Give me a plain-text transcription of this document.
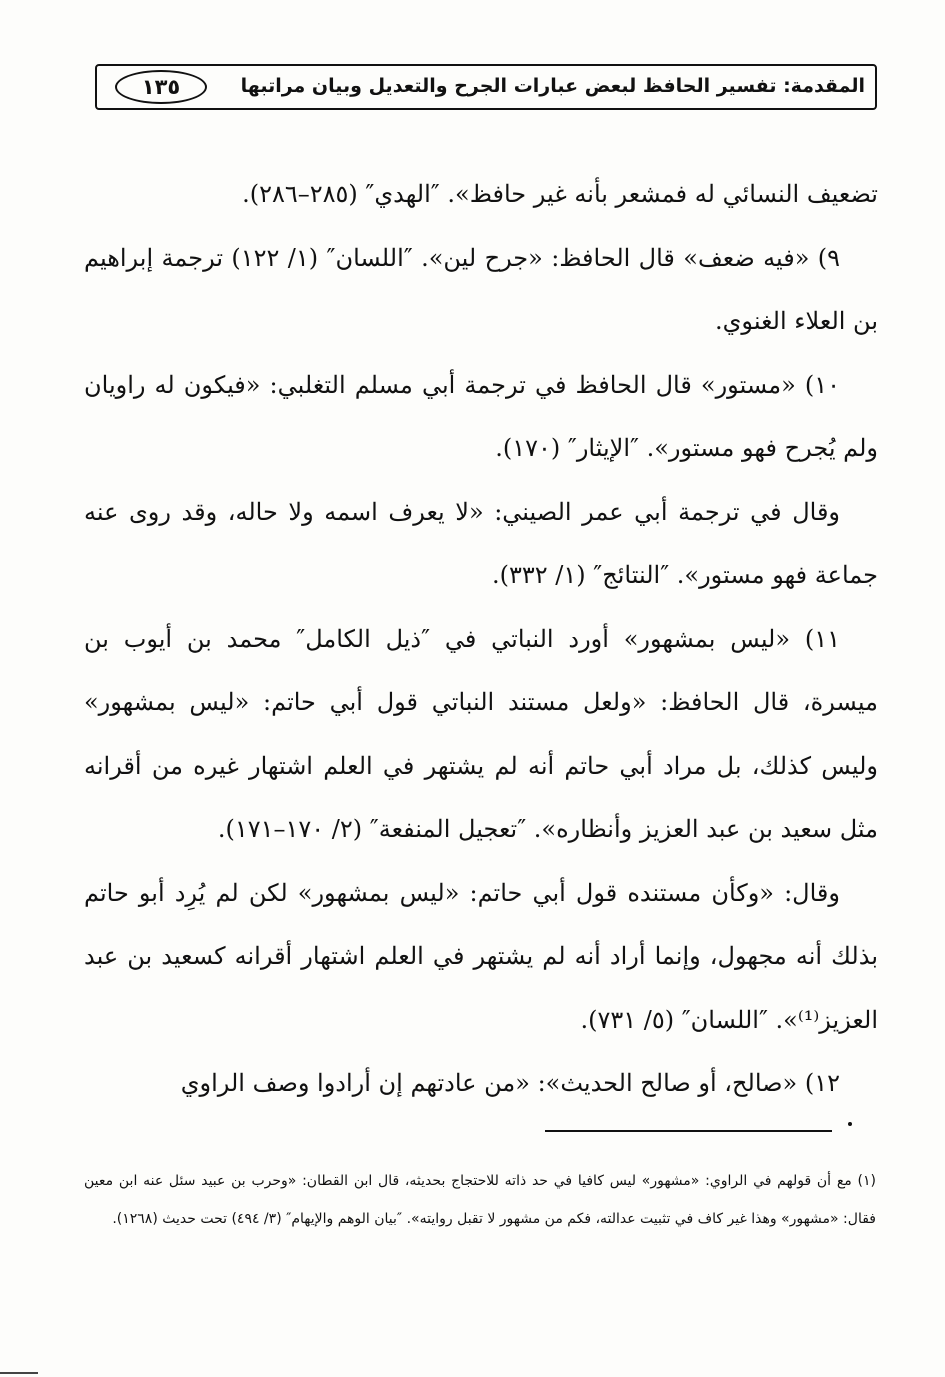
المقدمة: تفسير الحافظ لبعض عبارات الجرح والتعديل وبيان مراتبها
١٣٥

تضعيف النسائي له فمشعر بأنه غير حافظ». ″الهدي″ (٢٨٥–٢٨٦).

٩) «فيه ضعف» قال الحافظ: «جرح لين». ″اللسان″ (١/ ١٢٢) ترجمة إبراهيم بن العلاء الغنوي.

١٠) «مستور» قال الحافظ في ترجمة أبي مسلم التغلبي: «فيكون له راويان ولم يُجرح فهو مستور». ″الإيثار″ (١٧٠).

وقال في ترجمة أبي عمر الصيني: «لا يعرف اسمه ولا حاله، وقد روى عنه جماعة فهو مستور». ″النتائج″ (١/ ٣٣٢).

١١) «ليس بمشهور» أورد النباتي في ″ذيل الكامل″ محمد بن أيوب بن ميسرة، قال الحافظ: «ولعل مستند النباتي قول أبي حاتم: «ليس بمشهور» وليس كذلك، بل مراد أبي حاتم أنه لم يشتهر في العلم اشتهار غيره من أقرانه مثل سعيد بن عبد العزيز وأنظاره». ″تعجيل المنفعة″ (٢/ ١٧٠–١٧١).

وقال: «وكأن مستنده قول أبي حاتم: «ليس بمشهور» لكن لم يُرِد أبو حاتم بذلك أنه مجهول، وإنما أراد أنه لم يشتهر في العلم اشتهار أقرانه كسعيد بن عبد العزيز⁽¹⁾». ″اللسان″ (٥/ ٧٣١).

١٢) «صالح، أو صالح الحديث»: «من عادتهم إن أرادوا وصف الراوي

(١) مع أن قولهم في الراوي: «مشهور» ليس كافيا في حد ذاته للاحتجاج بحديثه، قال ابن القطان: «وحرب بن عبيد سئل عنه ابن معين فقال: «مشهور» وهذا غير كاف في تثبيت عدالته، فكم من مشهور لا تقبل روايته». ″بيان الوهم والإيهام″ (٣/ ٤٩٤) تحت حديث (١٢٦٨).
